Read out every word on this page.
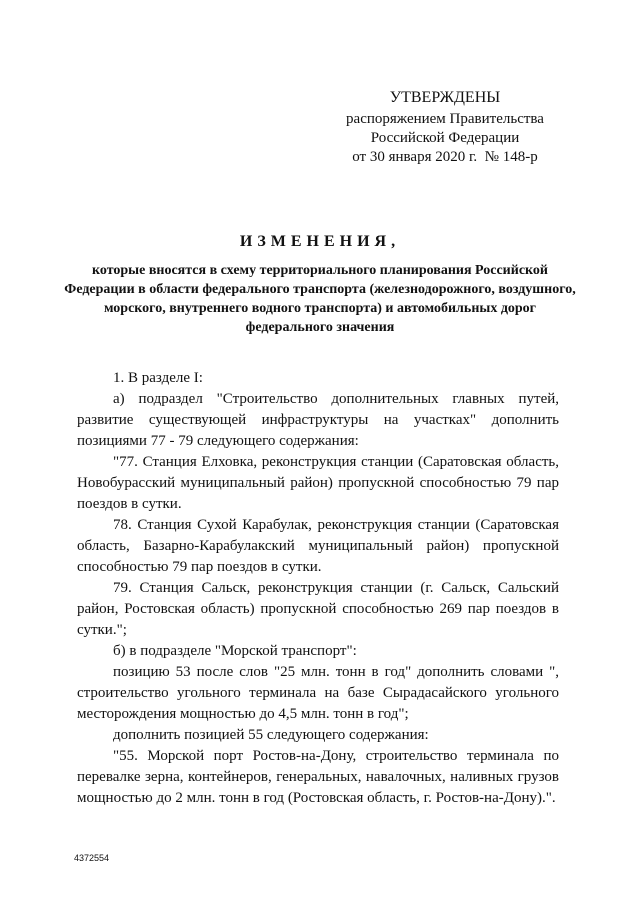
УТВЕРЖДЕНЫ
распоряжением Правительства
Российской Федерации
от 30 января 2020 г.  № 148-р
ИЗМЕНЕНИЯ,
которые вносятся в схему территориального планирования Российской Федерации в области федерального транспорта (железнодорожного, воздушного, морского, внутреннего водного транспорта) и автомобильных дорог федерального значения

1. В разделе I:

а) подраздел "Строительство дополнительных главных путей, развитие существующей инфраструктуры на участках" дополнить позициями 77 - 79 следующего содержания:

"77. Станция Елховка, реконструкция станции (Саратовская область, Новобурасский муниципальный район) пропускной способностью 79 пар поездов в сутки.

78. Станция Сухой Карабулак, реконструкция станции (Саратовская область, Базарно-Карабулакский муниципальный район) пропускной способностью 79 пар поездов в сутки.

79. Станция Сальск, реконструкция станции (г. Сальск, Сальский район, Ростовская область) пропускной способностью 269 пар поездов в сутки.";

б) в подразделе "Морской транспорт":

позицию 53 после слов "25 млн. тонн в год" дополнить словами ", строительство угольного терминала на базе Сырадасайского угольного месторождения мощностью до 4,5 млн. тонн в год";

дополнить позицией 55 следующего содержания:

"55. Морской порт Ростов-на-Дону, строительство терминала по перевалке зерна, контейнеров, генеральных, навалочных, наливных грузов мощностью до 2 млн. тонн в год (Ростовская область, г. Ростов-на-Дону).".

4372554
